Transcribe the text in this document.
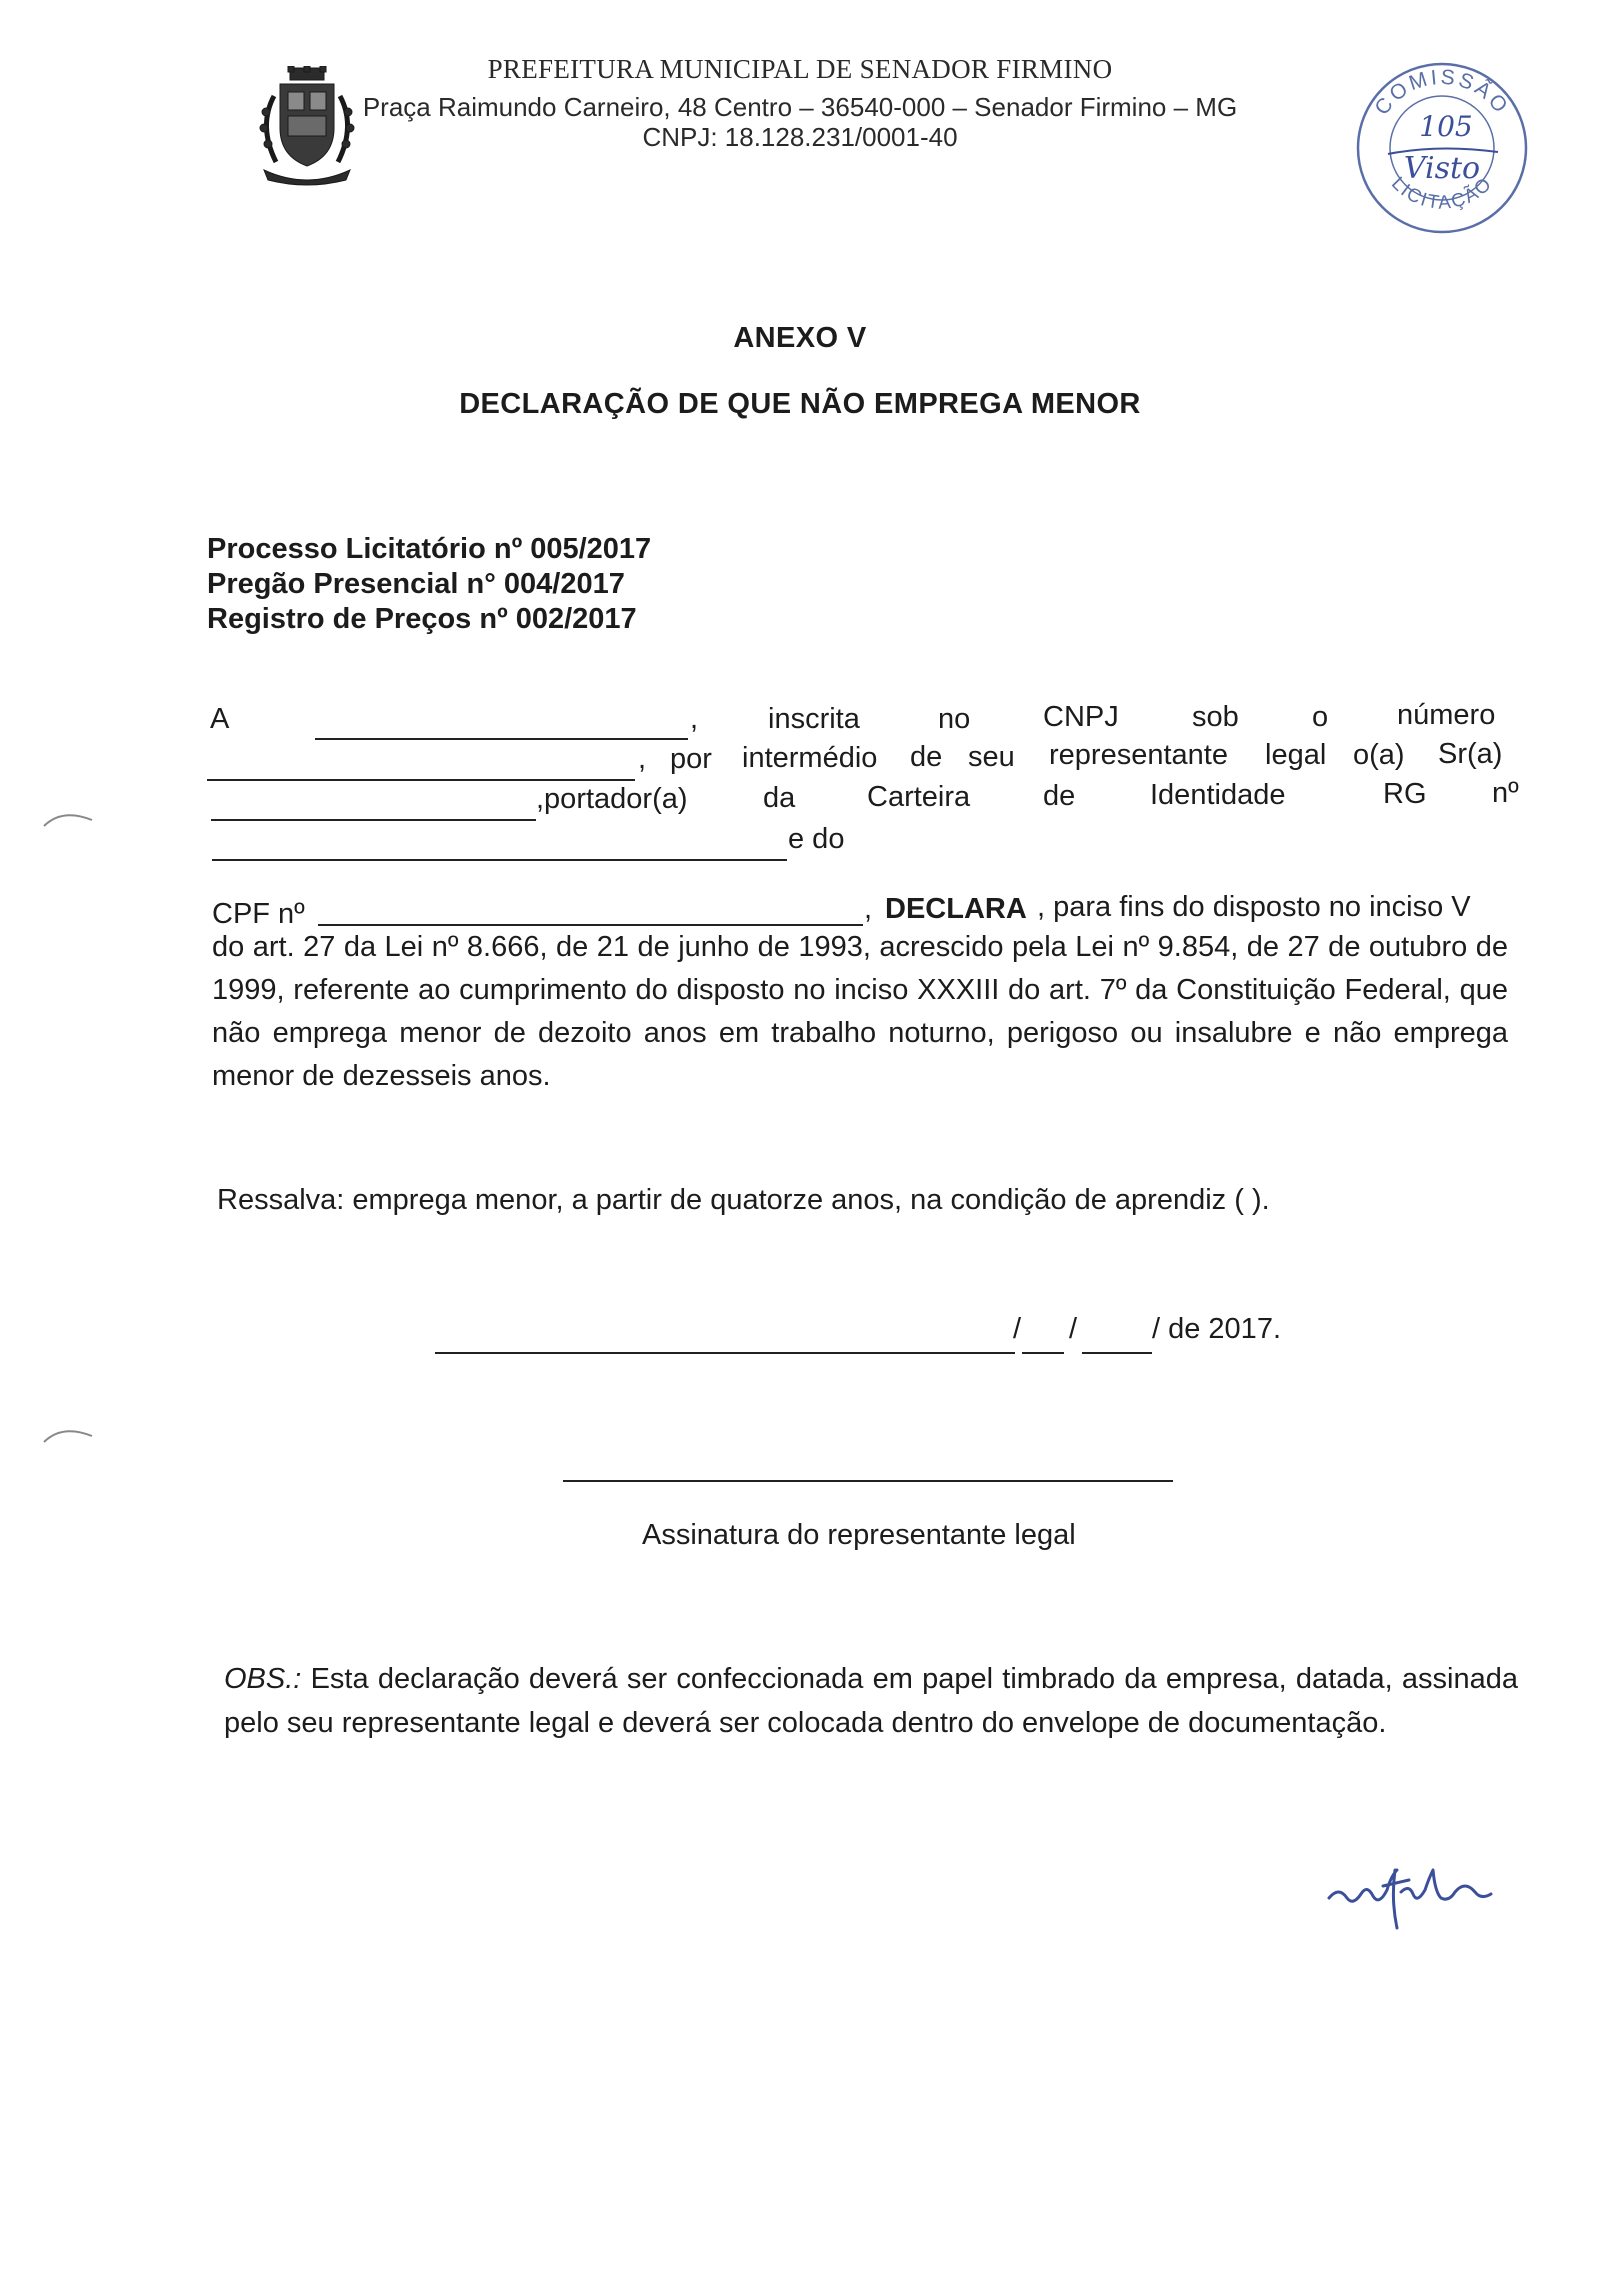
PREFEITURA MUNICIPAL DE SENADOR FIRMINO
Praça Raimundo Carneiro, 48 Centro – 36540-000 – Senador Firmino – MG
CNPJ: 18.128.231/0001-40
COMISSÃO
LICITAÇÃO
105
Visto
ANEXO V
DECLARAÇÃO DE QUE NÃO EMPREGA MENOR
Processo Licitatório nº 005/2017
Pregão Presencial n° 004/2017
Registro de Preços nº 002/2017
A	, inscrita	no	CNPJ	sob	o número
, por intermédio de seu representante legal o(a) Sr(a)
,portador(a)	da Carteira	de	Identidade	RG nº
e do
CPF nº	, DECLARA , para fins do disposto no inciso V
do art. 27 da Lei nº 8.666, de 21 de junho de 1993, acrescido pela Lei nº 9.854, de 27 de outubro de 1999, referente ao cumprimento do disposto no inciso XXXIII do art. 7º da Constituição Federal, que não emprega menor de dezoito anos em trabalho noturno, perigoso ou insalubre e não emprega menor de dezesseis anos.
Ressalva: emprega menor, a partir de quatorze anos, na condição de aprendiz ( ).
/ /	/ de 2017.
Assinatura do representante legal
OBS.: Esta declaração deverá ser confeccionada em papel timbrado da empresa, datada, assinada pelo seu representante legal e deverá ser colocada dentro do envelope de documentação.
